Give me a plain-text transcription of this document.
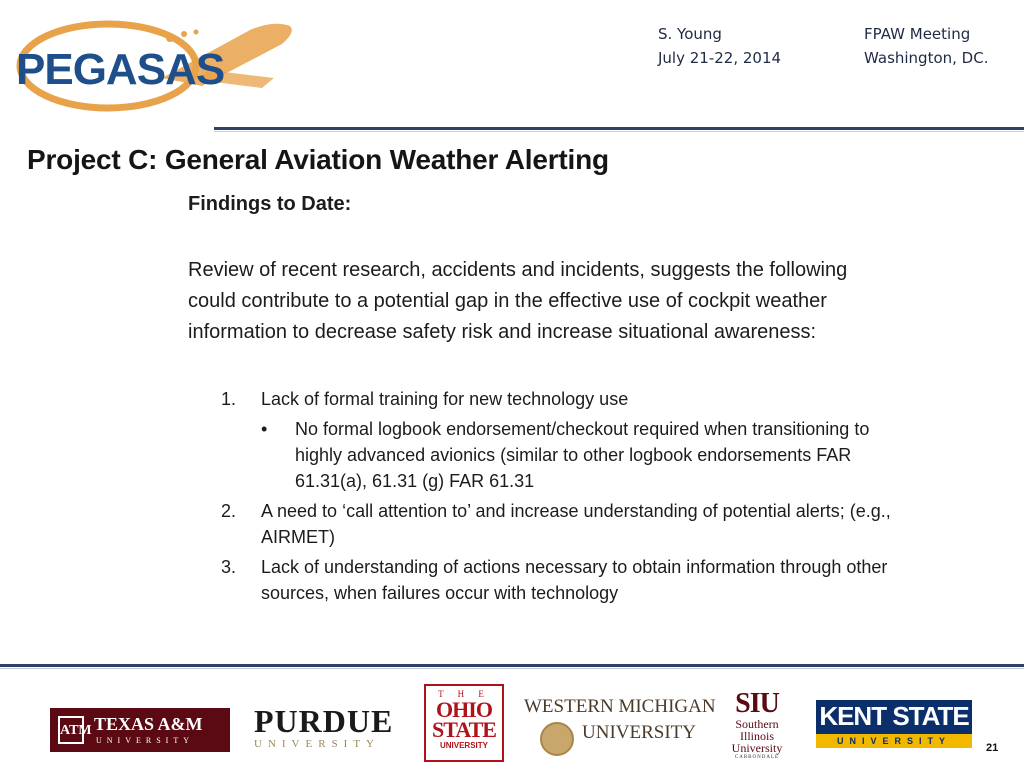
PEGASAS
S. Young
July 21-22, 2014
FPAW Meeting
Washington, DC.
Project C: General Aviation Weather Alerting

Findings to Date:

Review of recent research, accidents and incidents, suggests the following could contribute to a potential gap in the effective use of cockpit weather information to decrease safety risk and increase situational awareness:

1. Lack of formal training for new technology use
• No formal logbook endorsement/checkout required when transitioning to highly advanced avionics (similar to other logbook endorsements FAR 61.31(a), 61.31 (g) FAR 61.31
2. A need to ‘call attention to’ and increase understanding of potential alerts; (e.g., AIRMET)
3. Lack of understanding of actions necessary to obtain information through other sources, when failures occur with technology
ATM TEXAS A&M
UNIVERSITY
PURDUE
UNIVERSITY
T H E
OHIO
STATE
UNIVERSITY
WESTERN MICHIGAN
UNIVERSITY
SIU
Southern
Illinois
University
CARBONDALE
KENT STATE
UNIVERSITY
21
